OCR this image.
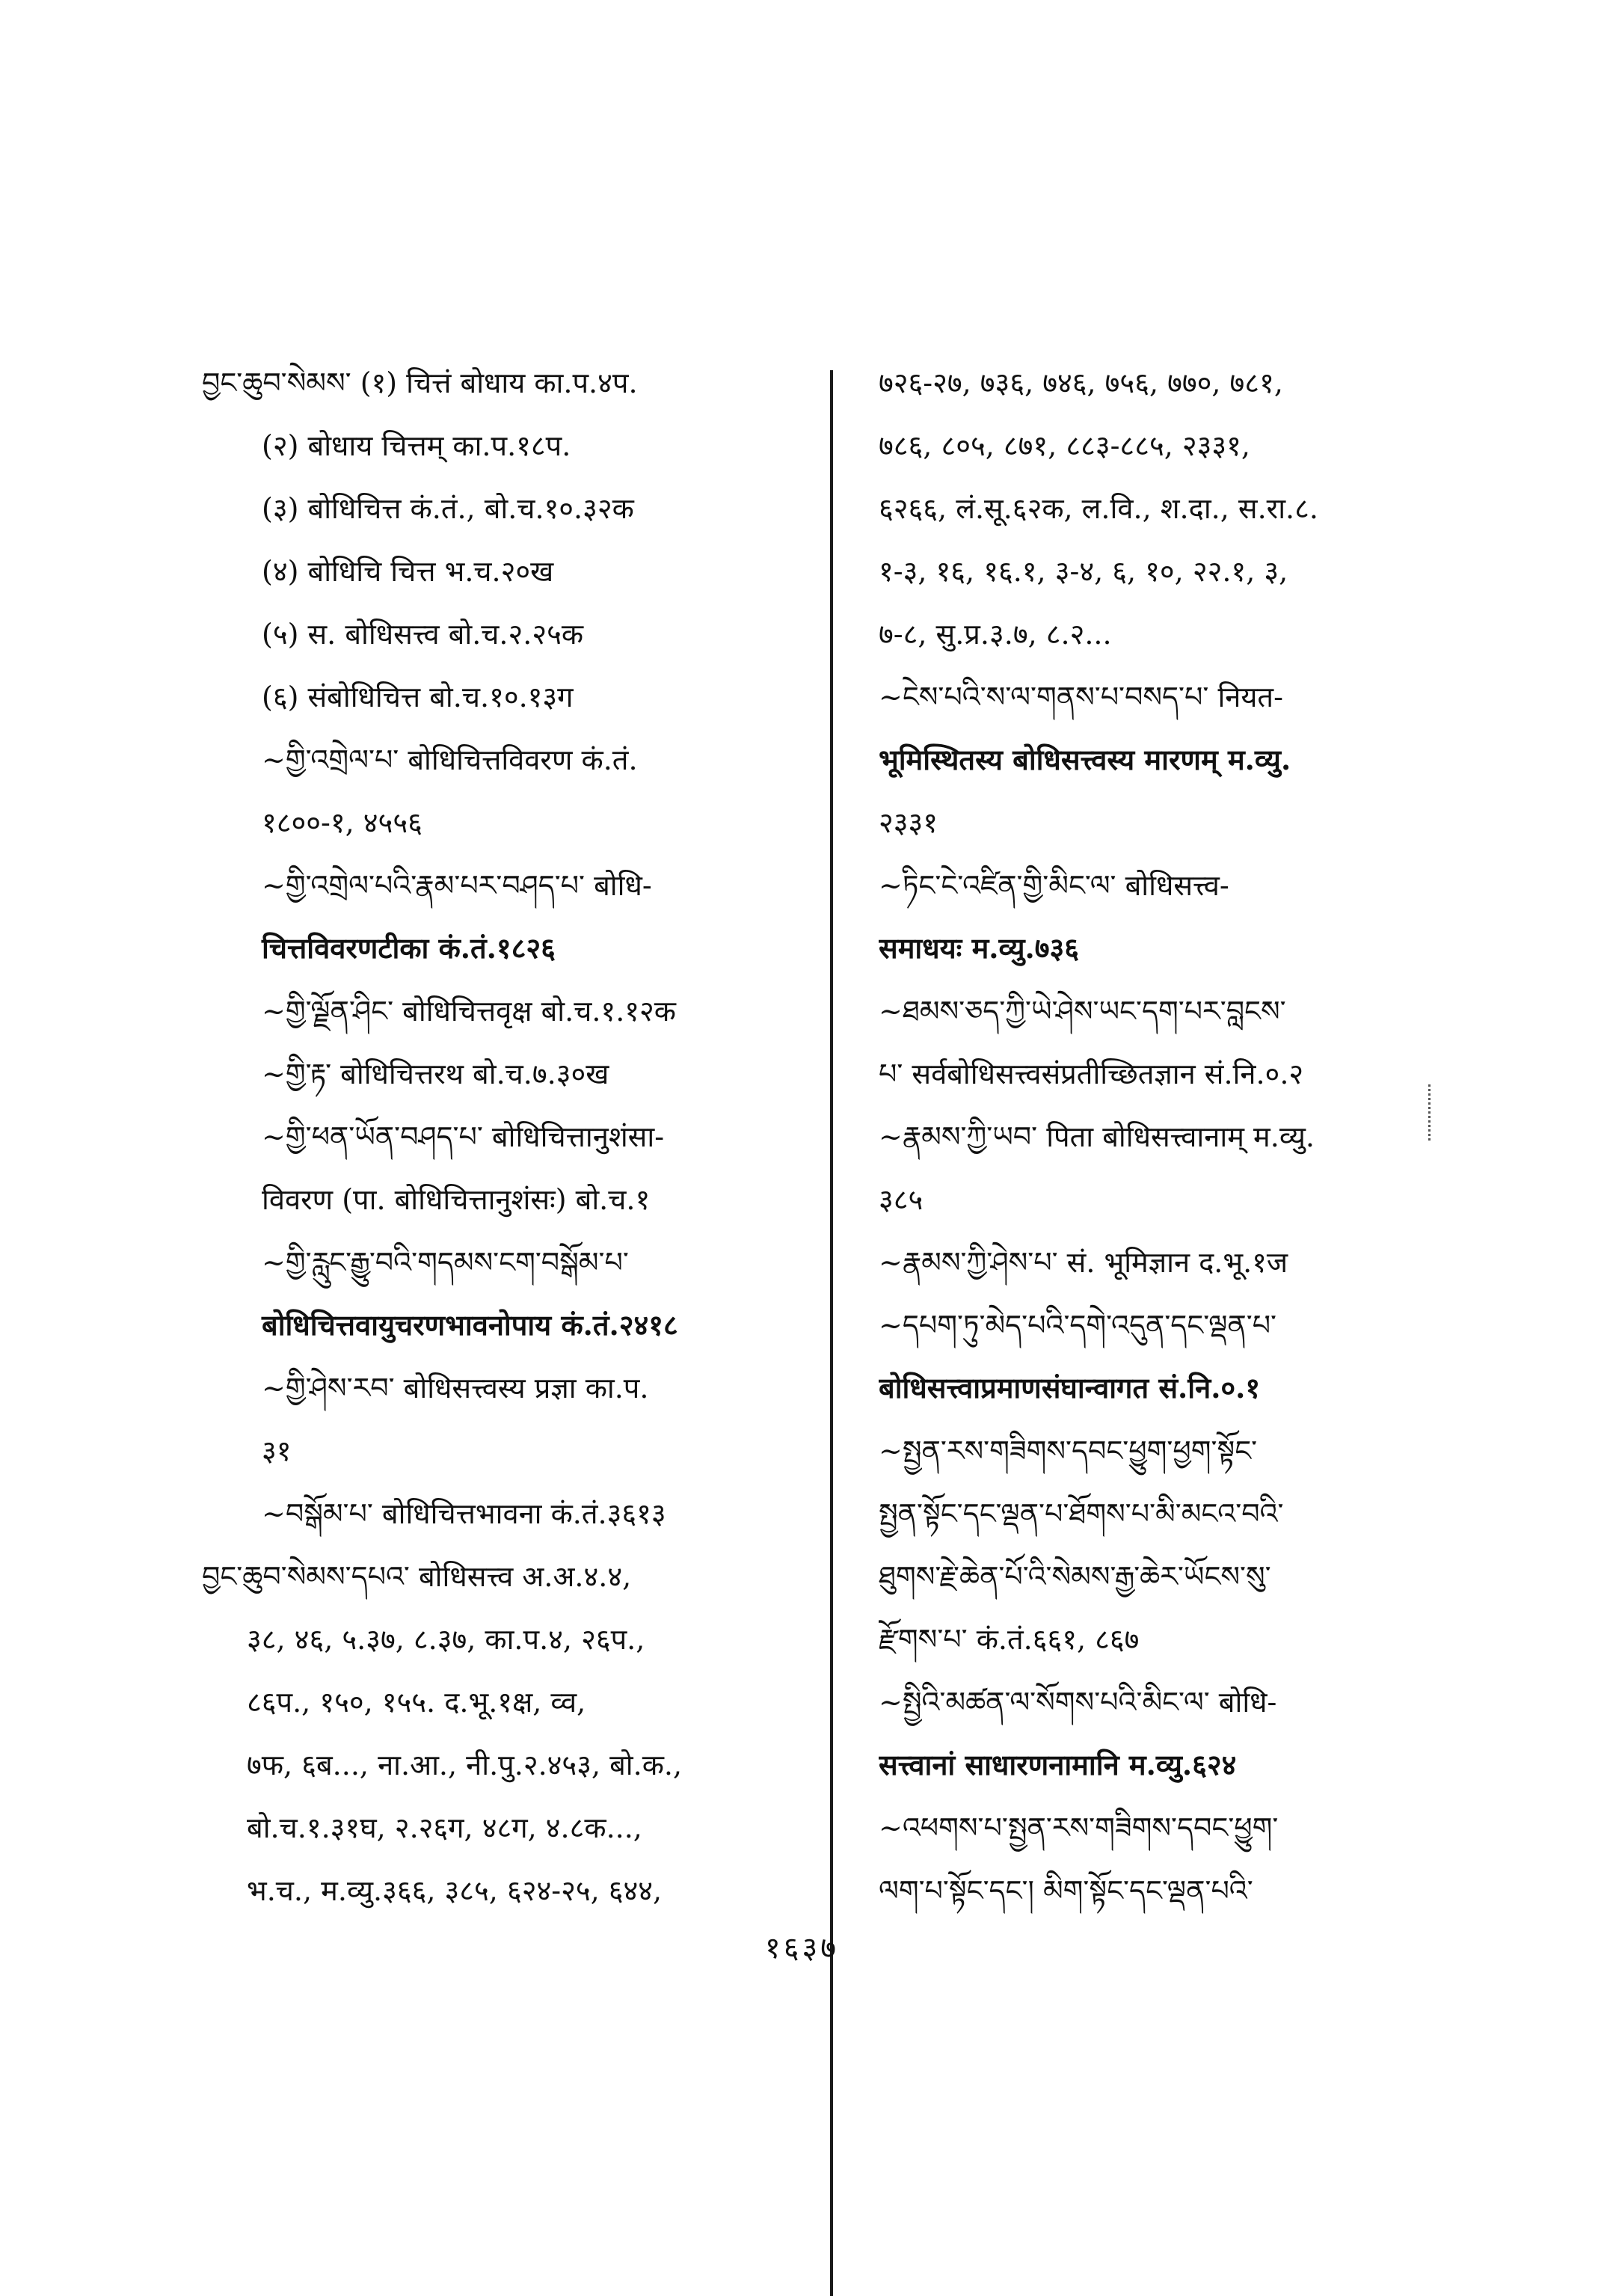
བྱང་ཆུབ་སེམས་ (१) चित्तं बोधाय का.प.४प.
(२) बोधाय चित्तम् का.प.१८प.
(३) बोधिचित्त कं.तं., बो.च.१०.३२क
(४) बोधिचि चित्त भ.च.२०ख
(५) स. बोधिसत्त्व बो.च.२.२५क
(६) संबोधिचित्त बो.च.१०.१३ग
~གྱི་འགྲེལ་པ་ बोधिचित्तविवरण कं.तं.
१८००-१, ४५५६
~གྱི་འགྲེལ་པའི་རྣམ་པར་བཤད་པ་ बोधि-
चित्तविवरणटीका कं.तं.१८२६
~གྱི་ལྗོན་ཤིང་ बोधिचित्तवृक्ष बो.च.१.१२क
~གྱི་རྟ་ बोधिचित्तरथ बो.च.७.३०ख
~གྱི་ཕན་ཡོན་བཤད་པ་ बोधिचित्तानुशंसा-
विवरण (पा. बोधिचित्तानुशंसः) बो.च.१
~གྱི་རླུང་རྒྱུ་བའི་གདམས་ངག་བསྒོམ་པ་
बोधिचित्तवायुचरणभावनोपाय कं.तं.२४१८
~གྱི་ཤེས་རབ་ बोधिसत्त्वस्य प्रज्ञा का.प.
३१
~བསྒོམ་པ་ बोधिचित्तभावना कं.तं.३६१३
བྱང་ཆུབ་སེམས་དཔའ་ बोधिसत्त्व अ.अ.४.४,
३८, ४६, ५.३७, ८.३७, का.प.४, २६प.,
८६प., १५०, १५५. द.भू.१क्ष, व्व,
७फ, ६ब..., ना.आ., नी.पु.२.४५३, बो.क.,
बो.च.१.३१घ, २.२६ग, ४८ग, ४.८क...,
भ.च., म.व्यु.३६६, ३८५, ६२४-२५, ६४४,
७२६-२७, ७३६, ७४६, ७५६, ७७०, ७८१,
७८६, ८०५, ८७१, ८८३-८८५, २३३१,
६२६६, लं.सू.६२क, ल.वि., श.दा., स.रा.८.
१-३, १६, १६.१, ३-४, ६, १०, २२.१, ३,
७-८, सु.प्र.३.७, ८.२...
~ངེས་པའི་ས་ལ་གནས་པ་བསད་པ་ नियत-
भूमिस्थितस्य बोधिसत्त्वस्य मारणम् म.व्यु.
२३३१
~ཏིང་ངེ་འཛིན་གྱི་མིང་ལ་ बोधिसत्त्व-
समाधयः म.व्यु.७३६
~ཐམས་ཅད་ཀྱི་ཡེ་ཤེས་ཡང་དག་པར་བླངས་
པ་ सर्वबोधिसत्त्वसंप्रतीच्छितज्ञान सं.नि.०.२
~རྣམས་ཀྱི་ཡབ་ पिता बोधिसत्त्वानाम् म.व्यु.
३८५
~རྣམས་ཀྱི་ཤེས་པ་ सं. भूमिज्ञान द.भू.१ज
~དཔག་ཏུ་མེད་པའི་དགེ་འདུན་དང་ལྡན་པ་
बोधिसत्त्वाप्रमाणसंघान्वागत सं.नि.०.१
~སྤྱན་རས་གཟིགས་དབང་ཕྱུག་ཕྱག་སྟོང་
སྤྱན་སྟོང་དང་ལྡན་པ་ཐོགས་པ་མི་མངའ་བའི་
ཐུགས་རྗེ་ཆེན་པོ་འི་སེམས་རྒྱ་ཆེར་ཡོངས་སུ་
རྫོགས་པ་ कं.तं.६६१, ८६७
~སྤྱིའི་མཚན་ལ་སོགས་པའི་མིང་ལ་ बोधि-
सत्त्वानां साधारणनामानि म.व्यु.६२४
~འཕགས་པ་སྤྱན་རས་གཟིགས་དབང་ཕྱུག་
ལག་པ་སྟོང་དང་། མིག་སྟོང་དང་ལྡན་པའི་
१६३७
